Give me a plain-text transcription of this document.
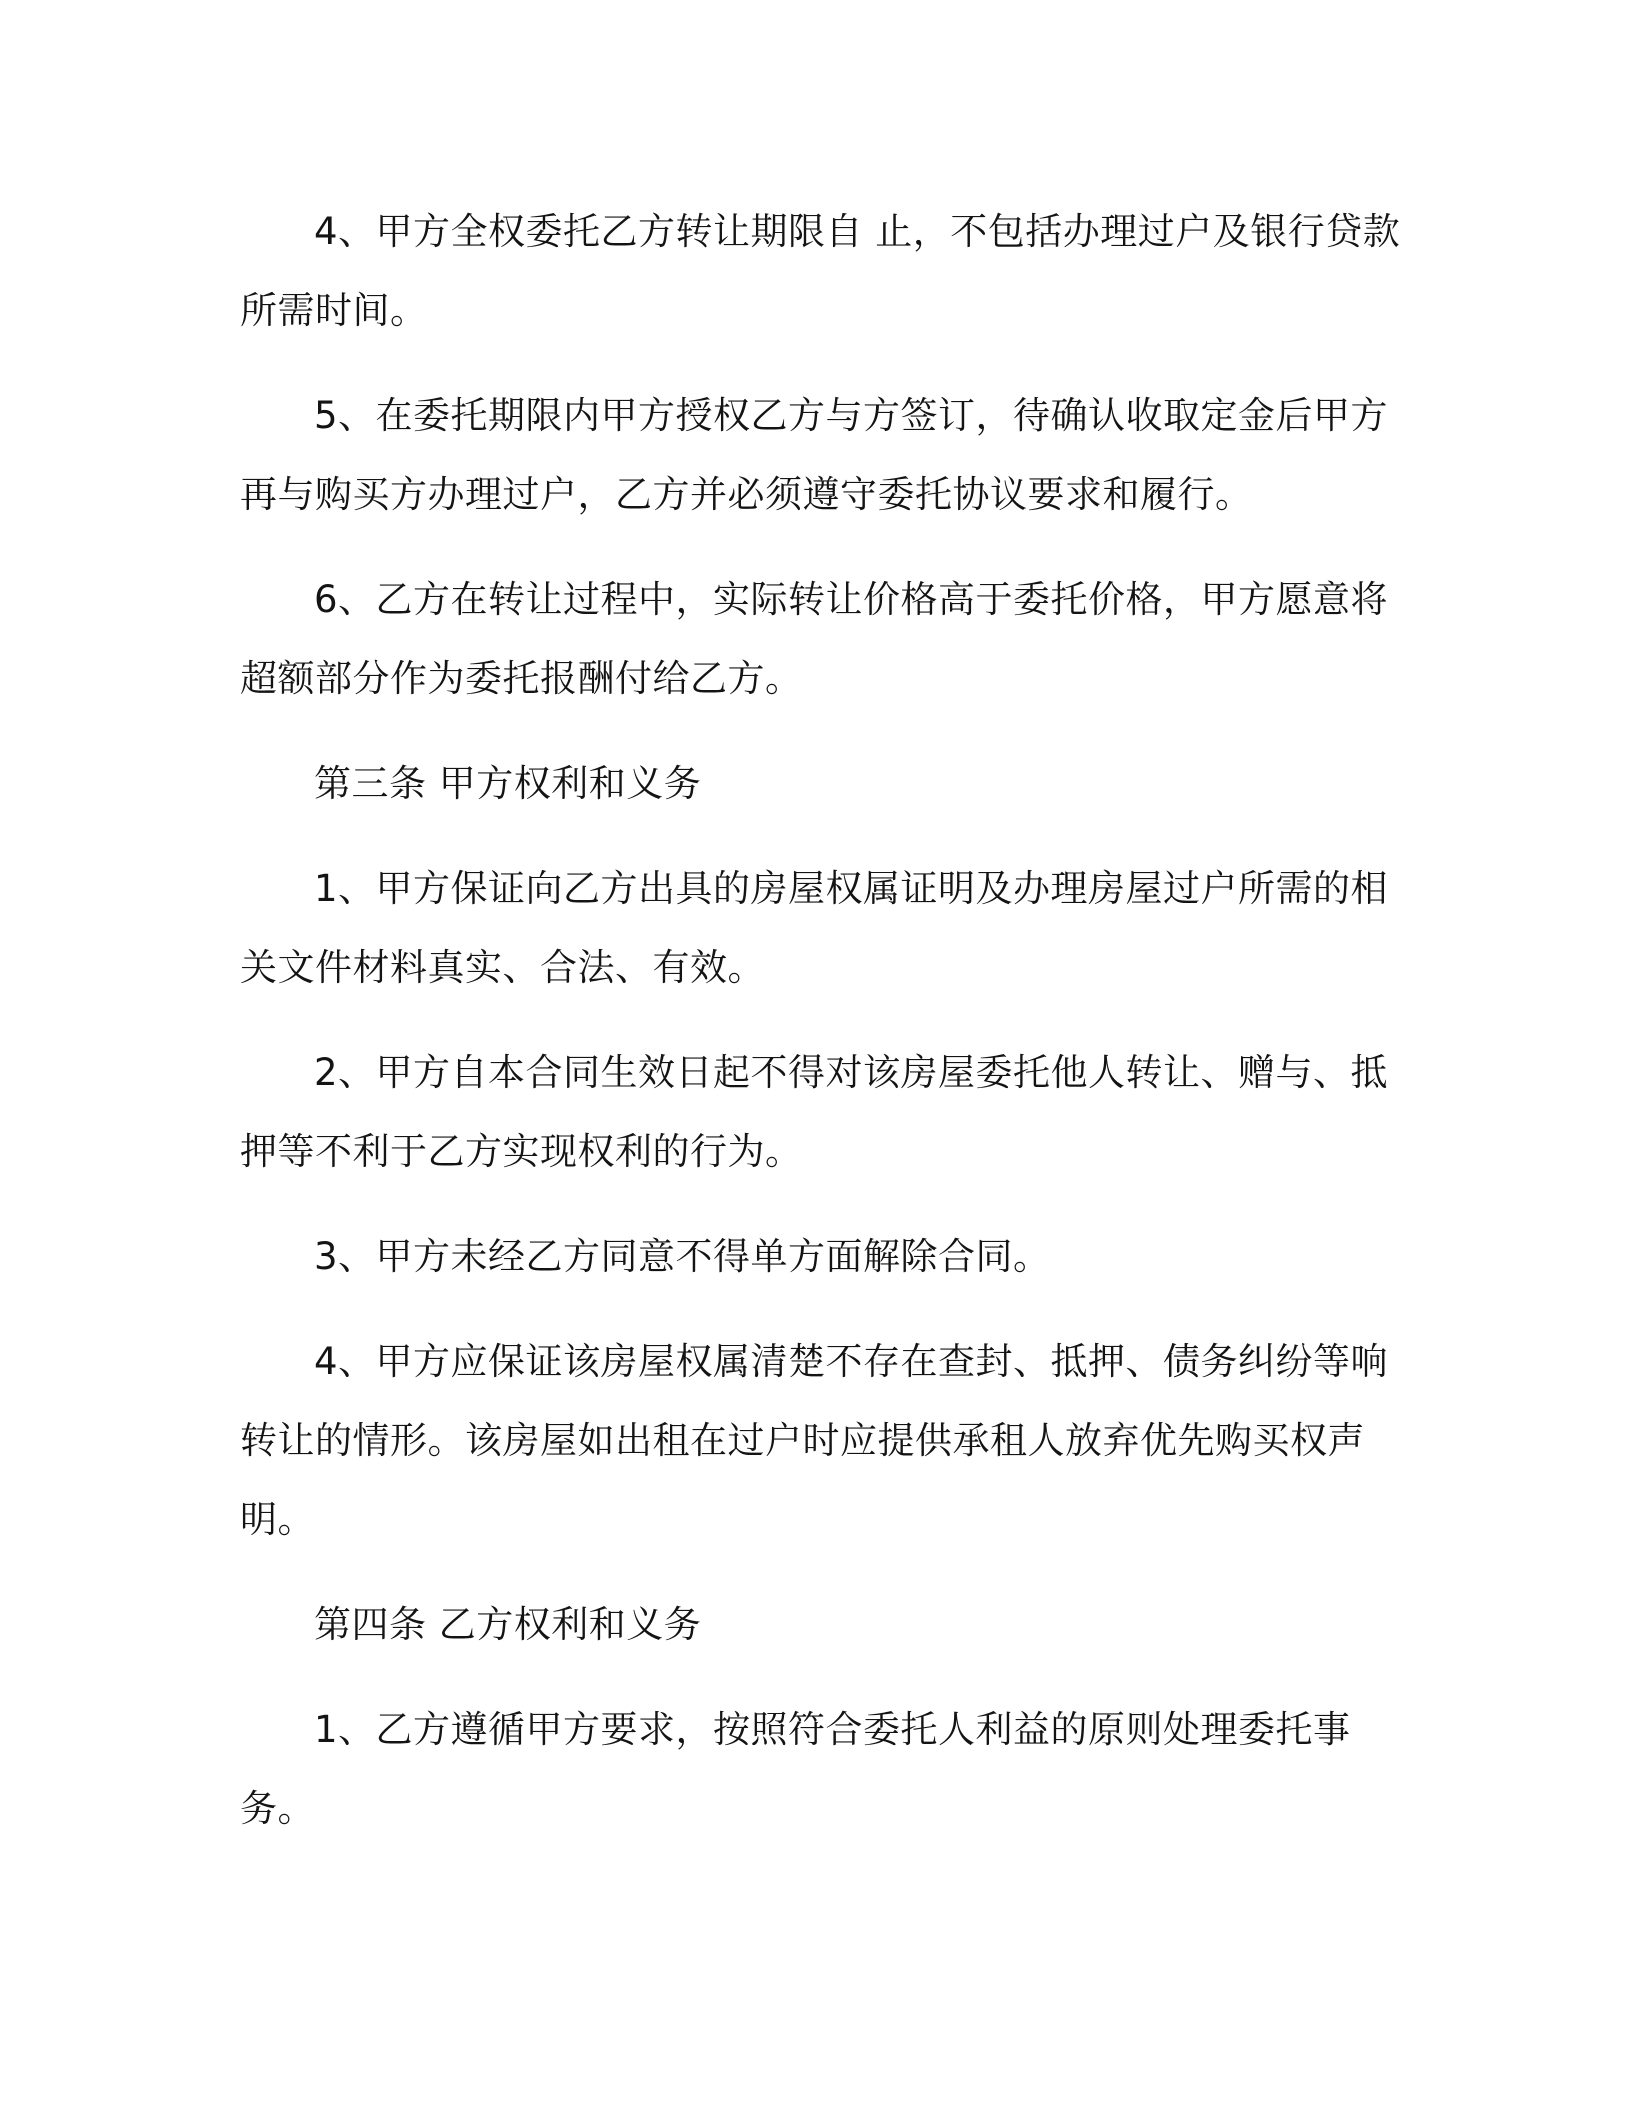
4、甲方全权委托乙方转让期限自 止，不包括办理过户及银行贷款所需时间。

5、在委托期限内甲方授权乙方与方签订，待确认收取定金后甲方再与购买方办理过户，乙方并必须遵守委托协议要求和履行。

6、乙方在转让过程中，实际转让价格高于委托价格，甲方愿意将超额部分作为委托报酬付给乙方。

第三条 甲方权利和义务

1、甲方保证向乙方出具的房屋权属证明及办理房屋过户所需的相关文件材料真实、合法、有效。

2、甲方自本合同生效日起不得对该房屋委托他人转让、赠与、抵押等不利于乙方实现权利的行为。

3、甲方未经乙方同意不得单方面解除合同。

4、甲方应保证该房屋权属清楚不存在查封、抵押、债务纠纷等响转让的情形。该房屋如出租在过户时应提供承租人放弃优先购买权声明。

第四条 乙方权利和义务

1、乙方遵循甲方要求，按照符合委托人利益的原则处理委托事务。
